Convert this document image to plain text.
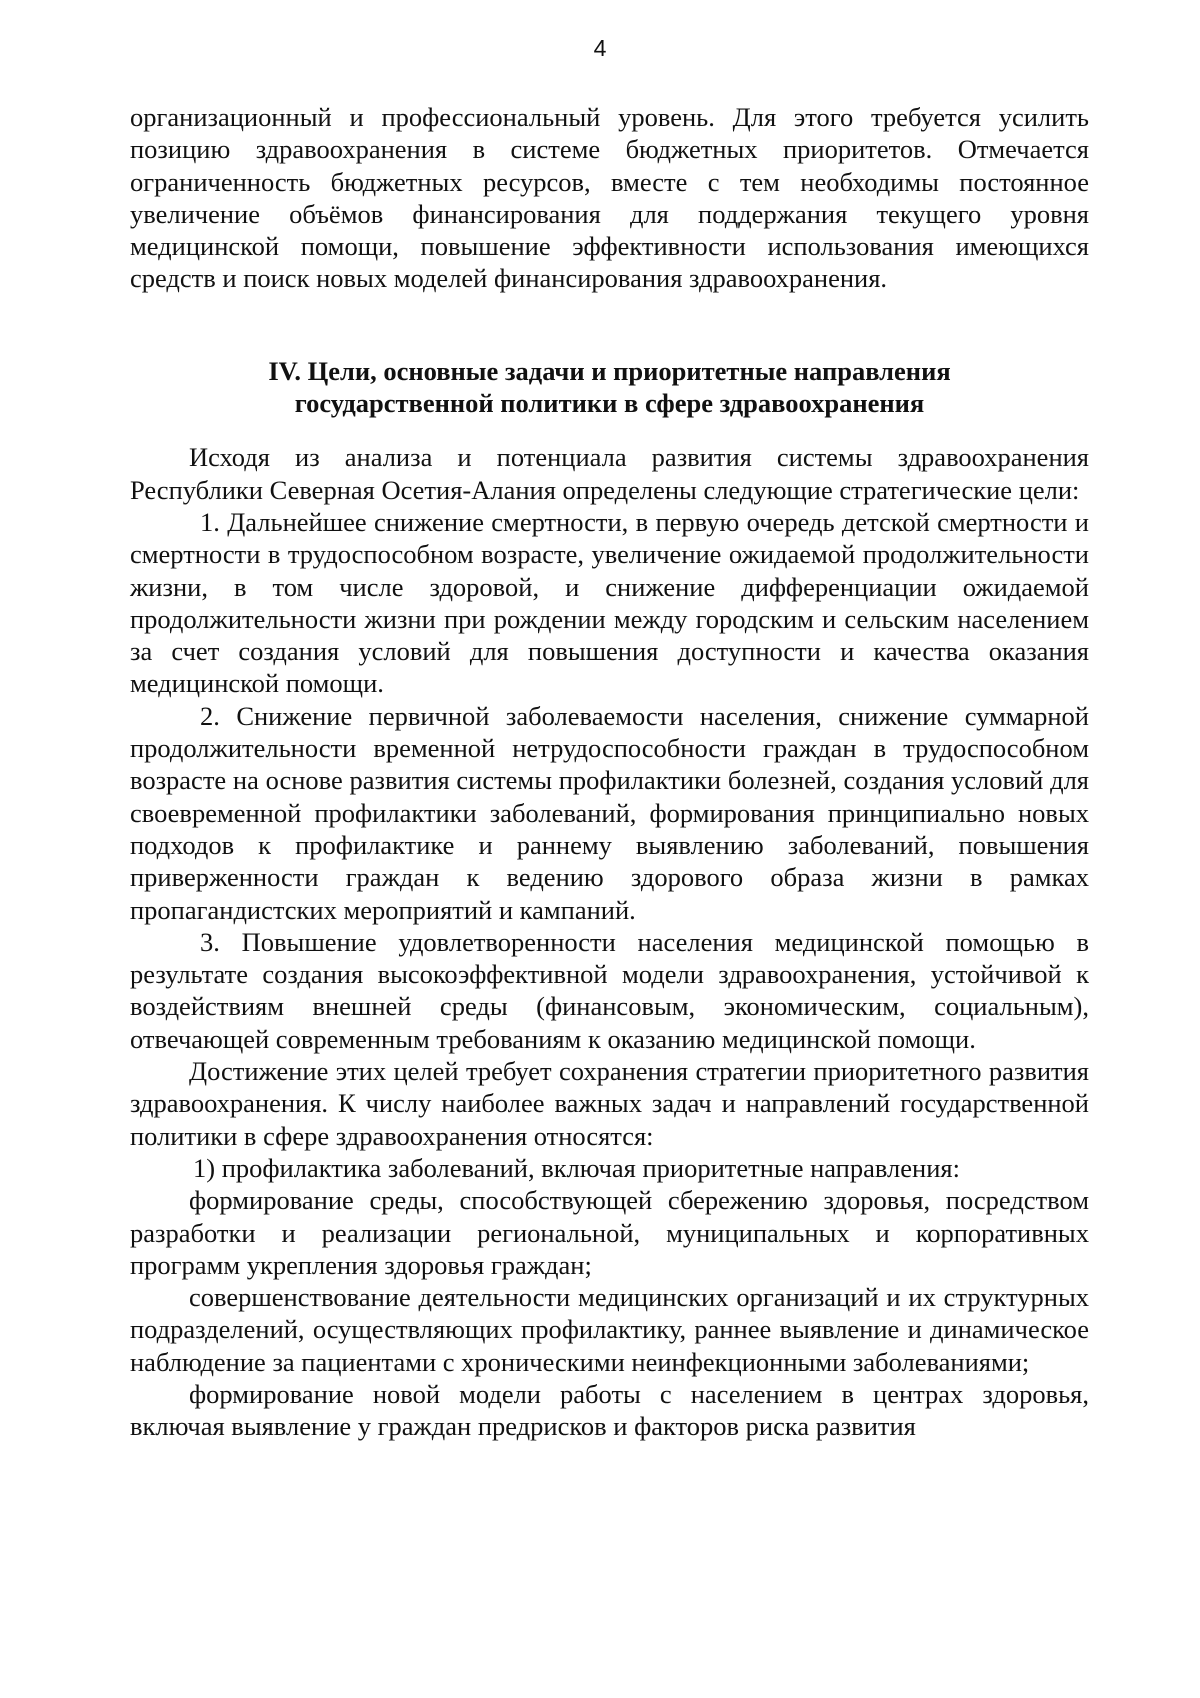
4

организационный и профессиональный уровень. Для этого требуется усилить позицию здравоохранения в системе бюджетных приоритетов. Отмечается ограниченность бюджетных ресурсов, вместе с тем необходимы постоянное увеличение объёмов финансирования для поддержания текущего уровня медицинской помощи, повышение эффективности использования имеющихся средств и поиск новых моделей финансирования здравоохранения.

IV. Цели, основные задачи и приоритетные направления
государственной политики в сфере здравоохранения

Исходя из анализа и потенциала развития системы здравоохранения Республики Северная Осетия-Алания определены следующие стратегические цели:

1. Дальнейшее снижение смертности, в первую очередь детской смертности и смертности в трудоспособном возрасте, увеличение ожидаемой продолжительности жизни, в том числе здоровой, и снижение дифференциации ожидаемой продолжительности жизни при рождении между городским и сельским населением за счет создания условий для повышения доступности и качества оказания медицинской помощи.

2. Снижение первичной заболеваемости населения, снижение суммарной продолжительности временной нетрудоспособности граждан в трудоспособном возрасте на основе развития системы профилактики болезней, создания условий для своевременной профилактики заболеваний, формирования принципиально новых подходов к профилактике и раннему выявлению заболеваний, повышения приверженности граждан к ведению здорового образа жизни в рамках пропагандистских мероприятий и кампаний.

3. Повышение удовлетворенности населения медицинской помощью в результате создания высокоэффективной модели здравоохранения, устойчивой к воздействиям внешней среды (финансовым, экономическим, социальным), отвечающей современным требованиям к оказанию медицинской помощи.

Достижение этих целей требует сохранения стратегии приоритетного развития здравоохранения. К числу наиболее важных задач и направлений государственной политики в сфере здравоохранения относятся:

1) профилактика заболеваний, включая приоритетные направления:

формирование среды, способствующей сбережению здоровья, посредством разработки и реализации региональной, муниципальных и корпоративных программ укрепления здоровья граждан;

совершенствование деятельности медицинских организаций и их структурных подразделений, осуществляющих профилактику, раннее выявление и динамическое наблюдение за пациентами с хроническими неинфекционными заболеваниями;

формирование новой модели работы с населением в центрах здоровья, включая выявление у граждан предрисков и факторов риска развития
